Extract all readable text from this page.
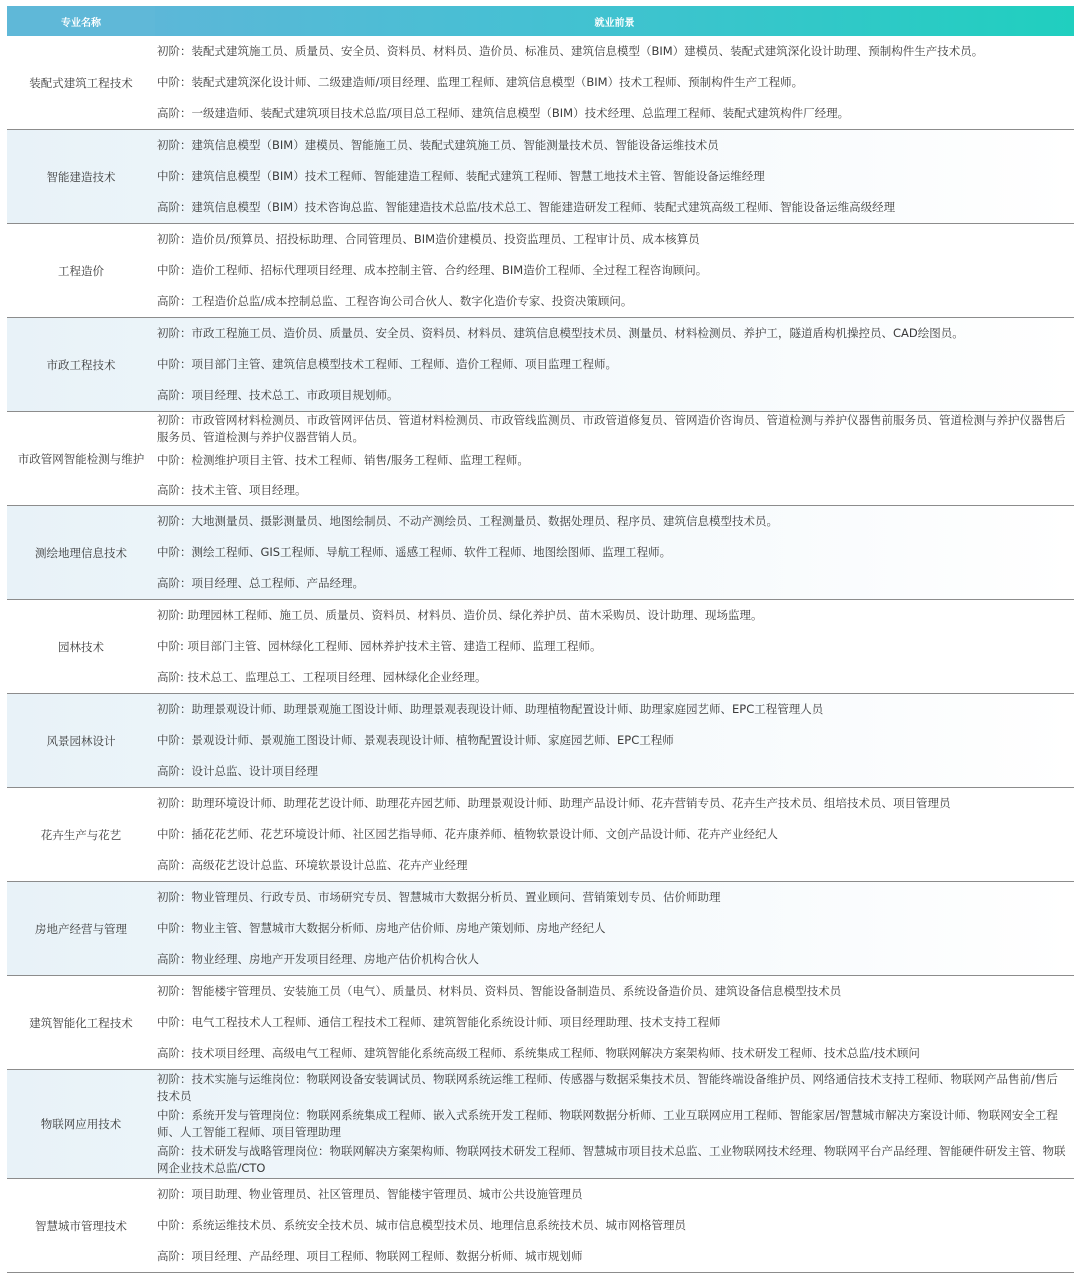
专业名称	就业前景
装配式建筑工程技术
初阶：装配式建筑施工员、质量员、安全员、资料员、材料员、造价员、标准员、建筑信息模型（BIM）建模员、装配式建筑深化设计助理、预制构件生产技术员。
中阶：装配式建筑深化设计师、二级建造师/项目经理、监理工程师、建筑信息模型（BIM）技术工程师、预制构件生产工程师。
高阶：一级建造师、装配式建筑项目技术总监/项目总工程师、建筑信息模型（BIM）技术经理、总监理工程师、装配式建筑构件厂经理。
智能建造技术
初阶：建筑信息模型（BIM）建模员、智能施工员、装配式建筑施工员、智能测量技术员、智能设备运维技术员
中阶：建筑信息模型（BIM）技术工程师、智能建造工程师、装配式建筑工程师、智慧工地技术主管、智能设备运维经理
高阶：建筑信息模型（BIM）技术咨询总监、智能建造技术总监/技术总工、智能建造研发工程师、装配式建筑高级工程师、智能设备运维高级经理
工程造价
初阶：造价员/预算员、招投标助理、合同管理员、BIM造价建模员、投资监理员、工程审计员、成本核算员
中阶：造价工程师、招标代理项目经理、成本控制主管、合约经理、BIM造价工程师、全过程工程咨询顾问。
高阶：工程造价总监/成本控制总监、工程咨询公司合伙人、数字化造价专家、投资决策顾问。
市政工程技术
初阶：市政工程施工员、造价员、质量员、安全员、资料员、材料员、建筑信息模型技术员、测量员、材料检测员、养护工，隧道盾构机操控员、CAD绘图员。
中阶：项目部门主管、建筑信息模型技术工程师、工程师、造价工程师、项目监理工程师。
高阶：项目经理、技术总工、市政项目规划师。
市政管网智能检测与维护
初阶：市政管网材料检测员、市政管网评估员、管道材料检测员、市政管线监测员、市政管道修复员、管网造价咨询员、管道检测与养护仪器售前服务员、管道检测与养护仪器售后服务员、管道检测与养护仪器营销人员。
中阶：检测维护项目主管、技术工程师、销售/服务工程师、监理工程师。
高阶：技术主管、项目经理。
测绘地理信息技术
初阶：大地测量员、摄影测量员、地图绘制员、不动产测绘员、工程测量员、数据处理员、程序员、建筑信息模型技术员。
中阶：测绘工程师、GIS工程师、导航工程师、遥感工程师、软件工程师、地图绘图师、监理工程师。
高阶：项目经理、总工程师、产品经理。
园林技术
初阶: 助理园林工程师、施工员、质量员、资料员、材料员、造价员、绿化养护员、苗木采购员、设计助理、现场监理。
中阶: 项目部门主管、园林绿化工程师、园林养护技术主管、建造工程师、监理工程师。
高阶: 技术总工、监理总工、工程项目经理、园林绿化企业经理。
风景园林设计
初阶：助理景观设计师、助理景观施工图设计师、助理景观表现设计师、助理植物配置设计师、助理家庭园艺师、EPC工程管理人员
中阶：景观设计师、景观施工图设计师、景观表现设计师、植物配置设计师、家庭园艺师、EPC工程师
高阶：设计总监、设计项目经理
花卉生产与花艺
初阶：助理环境设计师、助理花艺设计师、助理花卉园艺师、助理景观设计师、助理产品设计师、花卉营销专员、花卉生产技术员、组培技术员、项目管理员
中阶：插花花艺师、花艺环境设计师、社区园艺指导师、花卉康养师、植物软景设计师、文创产品设计师、花卉产业经纪人
高阶：高级花艺设计总监、环境软景设计总监、花卉产业经理
房地产经营与管理
初阶：物业管理员、行政专员、市场研究专员、智慧城市大数据分析员、置业顾问、营销策划专员、估价师助理
中阶：物业主管、智慧城市大数据分析师、房地产估价师、房地产策划师、房地产经纪人
高阶：物业经理、房地产开发项目经理、房地产估价机构合伙人
建筑智能化工程技术
初阶：智能楼宇管理员、安装施工员（电气）、质量员、材料员、资料员、智能设备制造员、系统设备造价员、建筑设备信息模型技术员
中阶：电气工程技术人工程师、通信工程技术工程师、建筑智能化系统设计师、项目经理助理、技术支持工程师
高阶：技术项目经理、高级电气工程师、建筑智能化系统高级工程师、系统集成工程师、物联网解决方案架构师、技术研发工程师、技术总监/技术顾问
物联网应用技术
初阶：技术实施与运维岗位：物联网设备安装调试员、物联网系统运维工程师、传感器与数据采集技术员、智能终端设备维护员、网络通信技术支持工程师、物联网产品售前/售后技术员
中阶：系统开发与管理岗位：物联网系统集成工程师、嵌入式系统开发工程师、物联网数据分析师、工业互联网应用工程师、智能家居/智慧城市解决方案设计师、物联网安全工程师、人工智能工程师、项目管理助理
高阶：技术研发与战略管理岗位：物联网解决方案架构师、物联网技术研发工程师、智慧城市项目技术总监、工业物联网技术经理、物联网平台产品经理、智能硬件研发主管、物联网企业技术总监/CTO
智慧城市管理技术
初阶：项目助理、物业管理员、社区管理员、智能楼宇管理员、城市公共设施管理员
中阶：系统运维技术员、系统安全技术员、城市信息模型技术员、地理信息系统技术员、城市网格管理员
高阶：项目经理、产品经理、项目工程师、物联网工程师、数据分析师、城市规划师
